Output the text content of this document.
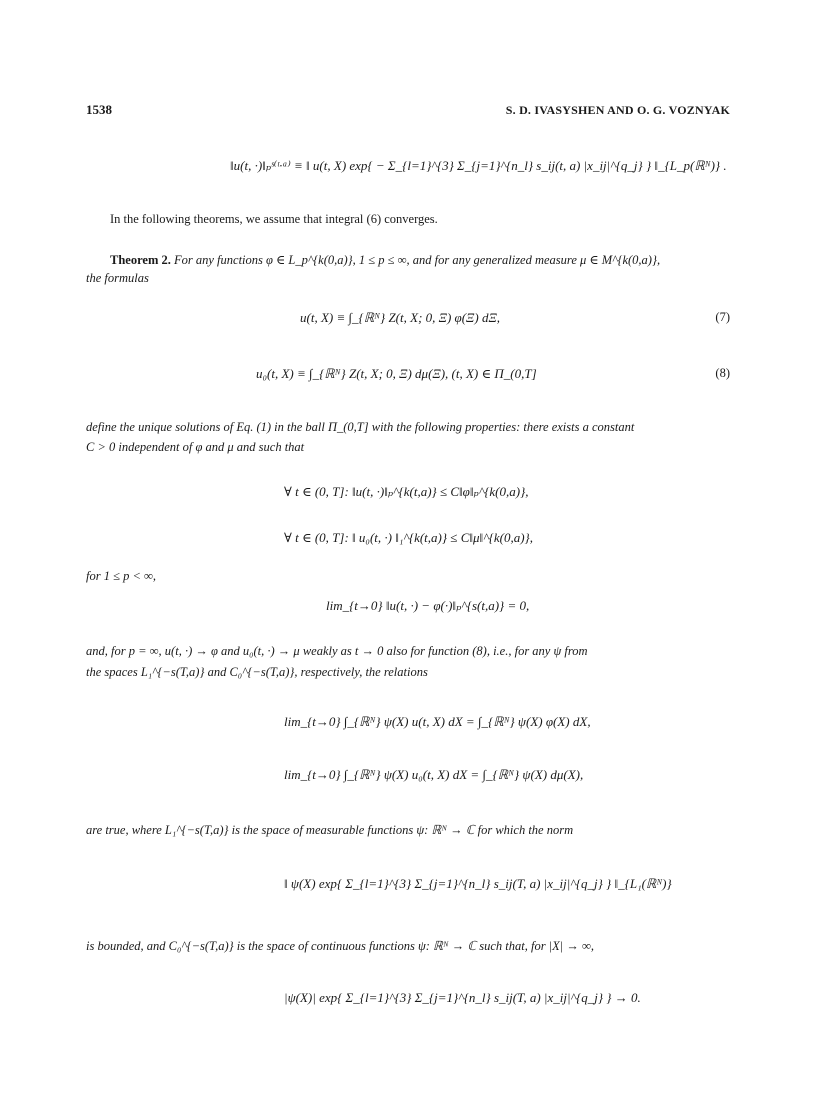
1538	S. D. IVASYSHEN AND O. G. VOZNYAK
‖u(t, ·)‖ₚˢ⁽ᵗ·ᵃ⁾ ≡ ‖ u(t, X) exp{ − Σ_{l=1}^{3} Σ_{j=1}^{n_l} s_ij(t, a) |x_ij|^{q_j} } ‖_{L_p(ℝᴺ)} .
In the following theorems, we assume that integral (6) converges.
Theorem 2. For any functions φ ∈ L_p^{k(0,a)}, 1 ≤ p ≤ ∞, and for any generalized measure μ ∈ M^{k(0,a)},
the formulas
u(t, X) ≡ ∫_{ℝᴺ} Z(t, X; 0, Ξ) φ(Ξ) dΞ,	(7)
u₀(t, X) ≡ ∫_{ℝᴺ} Z(t, X; 0, Ξ) dμ(Ξ), (t, X) ∈ Π_(0,T]	(8)
define the unique solutions of Eq. (1) in the ball Π_(0,T] with the following properties: there exists a constant
C > 0 independent of φ and μ and such that
∀ t ∈ (0, T]: ‖u(t, ·)‖ₚ^{k(t,a)} ≤ C‖φ‖ₚ^{k(0,a)},
∀ t ∈ (0, T]: ‖ u₀(t, ·) ‖₁^{k(t,a)} ≤ C‖μ‖^{k(0,a)},
for 1 ≤ p < ∞,
lim_{t→0} ‖u(t, ·) − φ(·)‖ₚ^{s(t,a)} = 0,
and, for p = ∞, u(t, ·) → φ and u₀(t, ·) → μ weakly as t → 0 also for function (8), i.e., for any ψ from
the spaces L₁^{−s(T,a)} and C₀^{−s(T,a)}, respectively, the relations
lim_{t→0} ∫_{ℝᴺ} ψ(X) u(t, X) dX = ∫_{ℝᴺ} ψ(X) φ(X) dX,
lim_{t→0} ∫_{ℝᴺ} ψ(X) u₀(t, X) dX = ∫_{ℝᴺ} ψ(X) dμ(X),
are true, where L₁^{−s(T,a)} is the space of measurable functions ψ: ℝᴺ → ℂ for which the norm
‖ ψ(X) exp{ Σ_{l=1}^{3} Σ_{j=1}^{n_l} s_ij(T, a) |x_ij|^{q_j} } ‖_{L₁(ℝᴺ)}
is bounded, and C₀^{−s(T,a)} is the space of continuous functions ψ: ℝᴺ → ℂ such that, for |X| → ∞,
|ψ(X)| exp{ Σ_{l=1}^{3} Σ_{j=1}^{n_l} s_ij(T, a) |x_ij|^{q_j} } → 0.
